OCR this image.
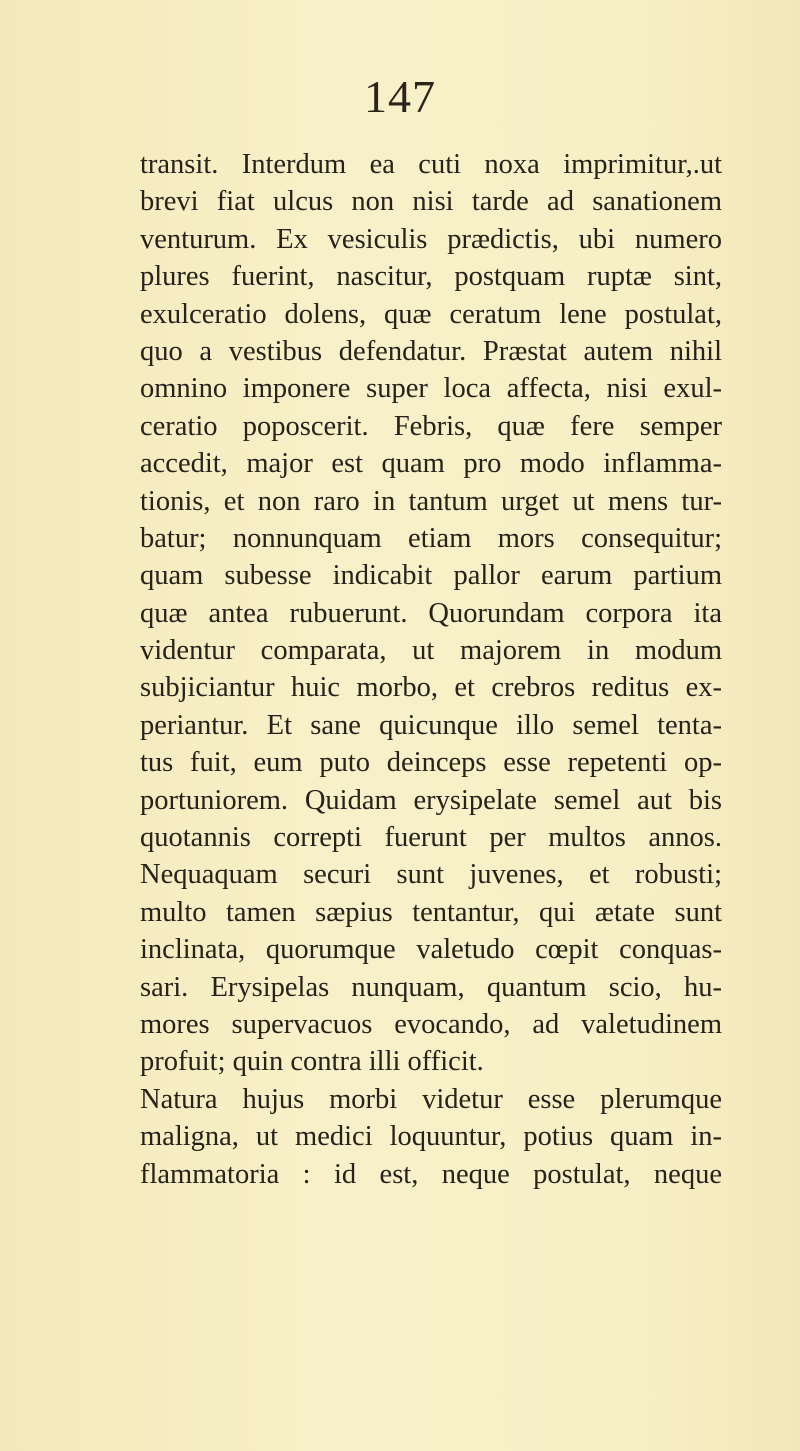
147
transit. Interdum ea cuti noxa imprimitur,.ut
brevi fiat ulcus non nisi tarde ad sanationem
venturum. Ex vesiculis prædictis, ubi numero
plures fuerint, nascitur, postquam ruptæ sint,
exulceratio dolens, quæ ceratum lene postulat,
quo a vestibus defendatur. Præstat autem nihil
omnino imponere super loca affecta, nisi exul-
ceratio poposcerit. Febris, quæ fere semper
accedit, major est quam pro modo inflamma-
tionis, et non raro in tantum urget ut mens tur-
batur; nonnunquam etiam mors consequitur;
quam subesse indicabit pallor earum partium
quæ antea rubuerunt. Quorundam corpora ita
videntur comparata, ut majorem in modum
subjiciantur huic morbo, et crebros reditus ex-
periantur. Et sane quicunque illo semel tenta-
tus fuit, eum puto deinceps esse repetenti op-
portuniorem. Quidam erysipelate semel aut bis
quotannis correpti fuerunt per multos annos.
Nequaquam securi sunt juvenes, et robusti;
multo tamen sæpius tentantur, qui ætate sunt
inclinata, quorumque valetudo cœpit conquas-
sari. Erysipelas nunquam, quantum scio, hu-
mores supervacuos evocando, ad valetudinem
profuit; quin contra illi officit.
Natura hujus morbi videtur esse plerumque
maligna, ut medici loquuntur, potius quam in-
flammatoria : id est, neque postulat, neque
